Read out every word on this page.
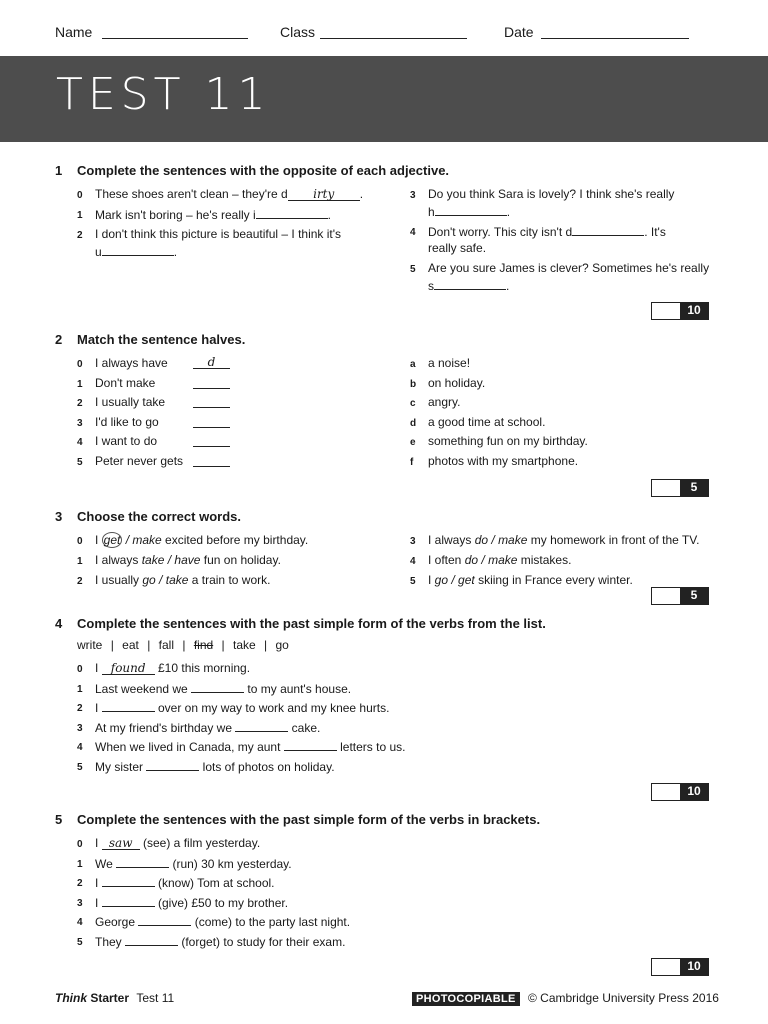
Name	Class	Date
TEST 11
1 Complete the sentences with the opposite of each adjective.
0 These shoes aren't clean – they're d irty .
1 Mark isn't boring – he's really i	.
2 I don't think this picture is beautiful – I think it's
u	.
3 Do you think Sara is lovely? I think she's really
h	.
4 Don't worry. This city isn't d	. It's
really safe.
5 Are you sure James is clever? Sometimes he's really
s	.
10
2 Match the sentence halves.
0 I always have	d
1 Don't make
2 I usually take
3 I'd like to go
4 I want to do
5 Peter never gets
a a noise!
b on holiday.
c angry.
d a good time at school.
e something fun on my birthday.
f photos with my smartphone.
5
3 Choose the correct words.
0 I get / make excited before my birthday.
1 I always take / have fun on holiday.
2 I usually go / take a train to work.
3 I always do / make my homework in front of the TV.
4 I often do / make mistakes.
5 I go / get skiing in France every winter.
5
4 Complete the sentences with the past simple form of the verbs from the list.
write | eat | fall | find | take | go
0 I found £10 this morning.
1 Last weekend we	to my aunt's house.
2 I	over on my way to work and my knee hurts.
3 At my friend's birthday we	cake.
4 When we lived in Canada, my aunt	letters to us.
5 My sister	lots of photos on holiday.
10
5 Complete the sentences with the past simple form of the verbs in brackets.
0 I saw (see) a film yesterday.
1 We	(run) 30 km yesterday.
2 I	(know) Tom at school.
3 I	(give) £50 to my brother.
4 George	(come) to the party last night.
5 They	(forget) to study for their exam.
10
Think Starter Test 11	PHOTOCOPIABLE © Cambridge University Press 2016
